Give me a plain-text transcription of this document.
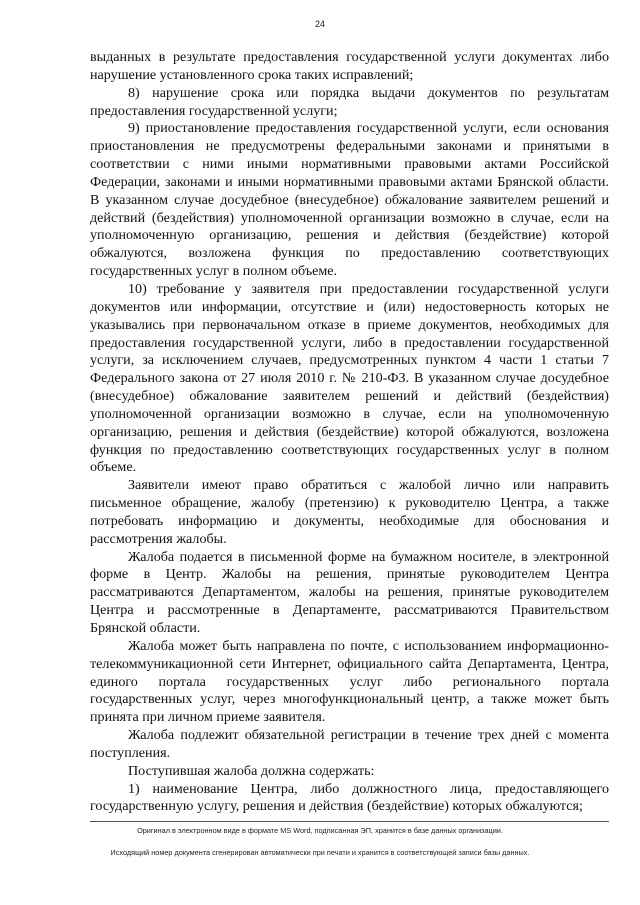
24

выданных в результате предоставления государственной услуги документах либо нарушение установленного срока таких исправлений;

8) нарушение срока или порядка выдачи документов по результатам предоставления государственной услуги;

9) приостановление предоставления государственной услуги, если основания приостановления не предусмотрены федеральными законами и принятыми в соответствии с ними иными нормативными правовыми актами Российской Федерации, законами и иными нормативными правовыми актами Брянской области. В указанном случае досудебное (внесудебное) обжалование заявителем решений и действий (бездействия) уполномоченной организации возможно в случае, если на уполномоченную организацию, решения и действия (бездействие) которой обжалуются, возложена функция по предоставлению соответствующих государственных услуг в полном объеме.

10) требование у заявителя при предоставлении государственной услуги документов или информации, отсутствие и (или) недостоверность которых не указывались при первоначальном отказе в приеме документов, необходимых для предоставления государственной услуги, либо в предоставлении государственной услуги, за исключением случаев, предусмотренных пунктом 4 части 1 статьи 7 Федерального закона от 27 июля 2010 г. № 210-ФЗ. В указанном случае досудебное (внесудебное) обжалование заявителем решений и действий (бездействия) уполномоченной организации возможно в случае, если на уполномоченную организацию, решения и действия (бездействие) которой обжалуются, возложена функция по предоставлению соответствующих государственных услуг в полном объеме.

Заявители имеют право обратиться с жалобой лично или направить письменное обращение, жалобу (претензию) к руководителю Центра, а также потребовать информацию и документы, необходимые для обоснования и рассмотрения жалобы.

Жалоба подается в письменной форме на бумажном носителе, в электронной форме в Центр. Жалобы на решения, принятые руководителем Центра рассматриваются Департаментом, жалобы на решения, принятые руководителем Центра и рассмотренные в Департаменте, рассматриваются Правительством Брянской области.

Жалоба может быть направлена по почте, с использованием информационно-телекоммуникационной сети Интернет, официального сайта Департамента, Центра, единого портала государственных услуг либо регионального портала государственных услуг, через многофункциональный центр, а также может быть принята при личном приеме заявителя.

Жалоба подлежит обязательной регистрации в течение трех дней с момента поступления.

Поступившая жалоба должна содержать:

1) наименование Центра, либо должностного лица, предоставляющего государственную услугу, решения и действия (бездействие) которых обжалуются;

Оригинал в электронном виде в формате MS Word, подписанная ЭП, хранится в базе данных организации.
Исходящий номер документа сгенерирован автоматически при печати и хранится в соответствующей записи базы данных.
